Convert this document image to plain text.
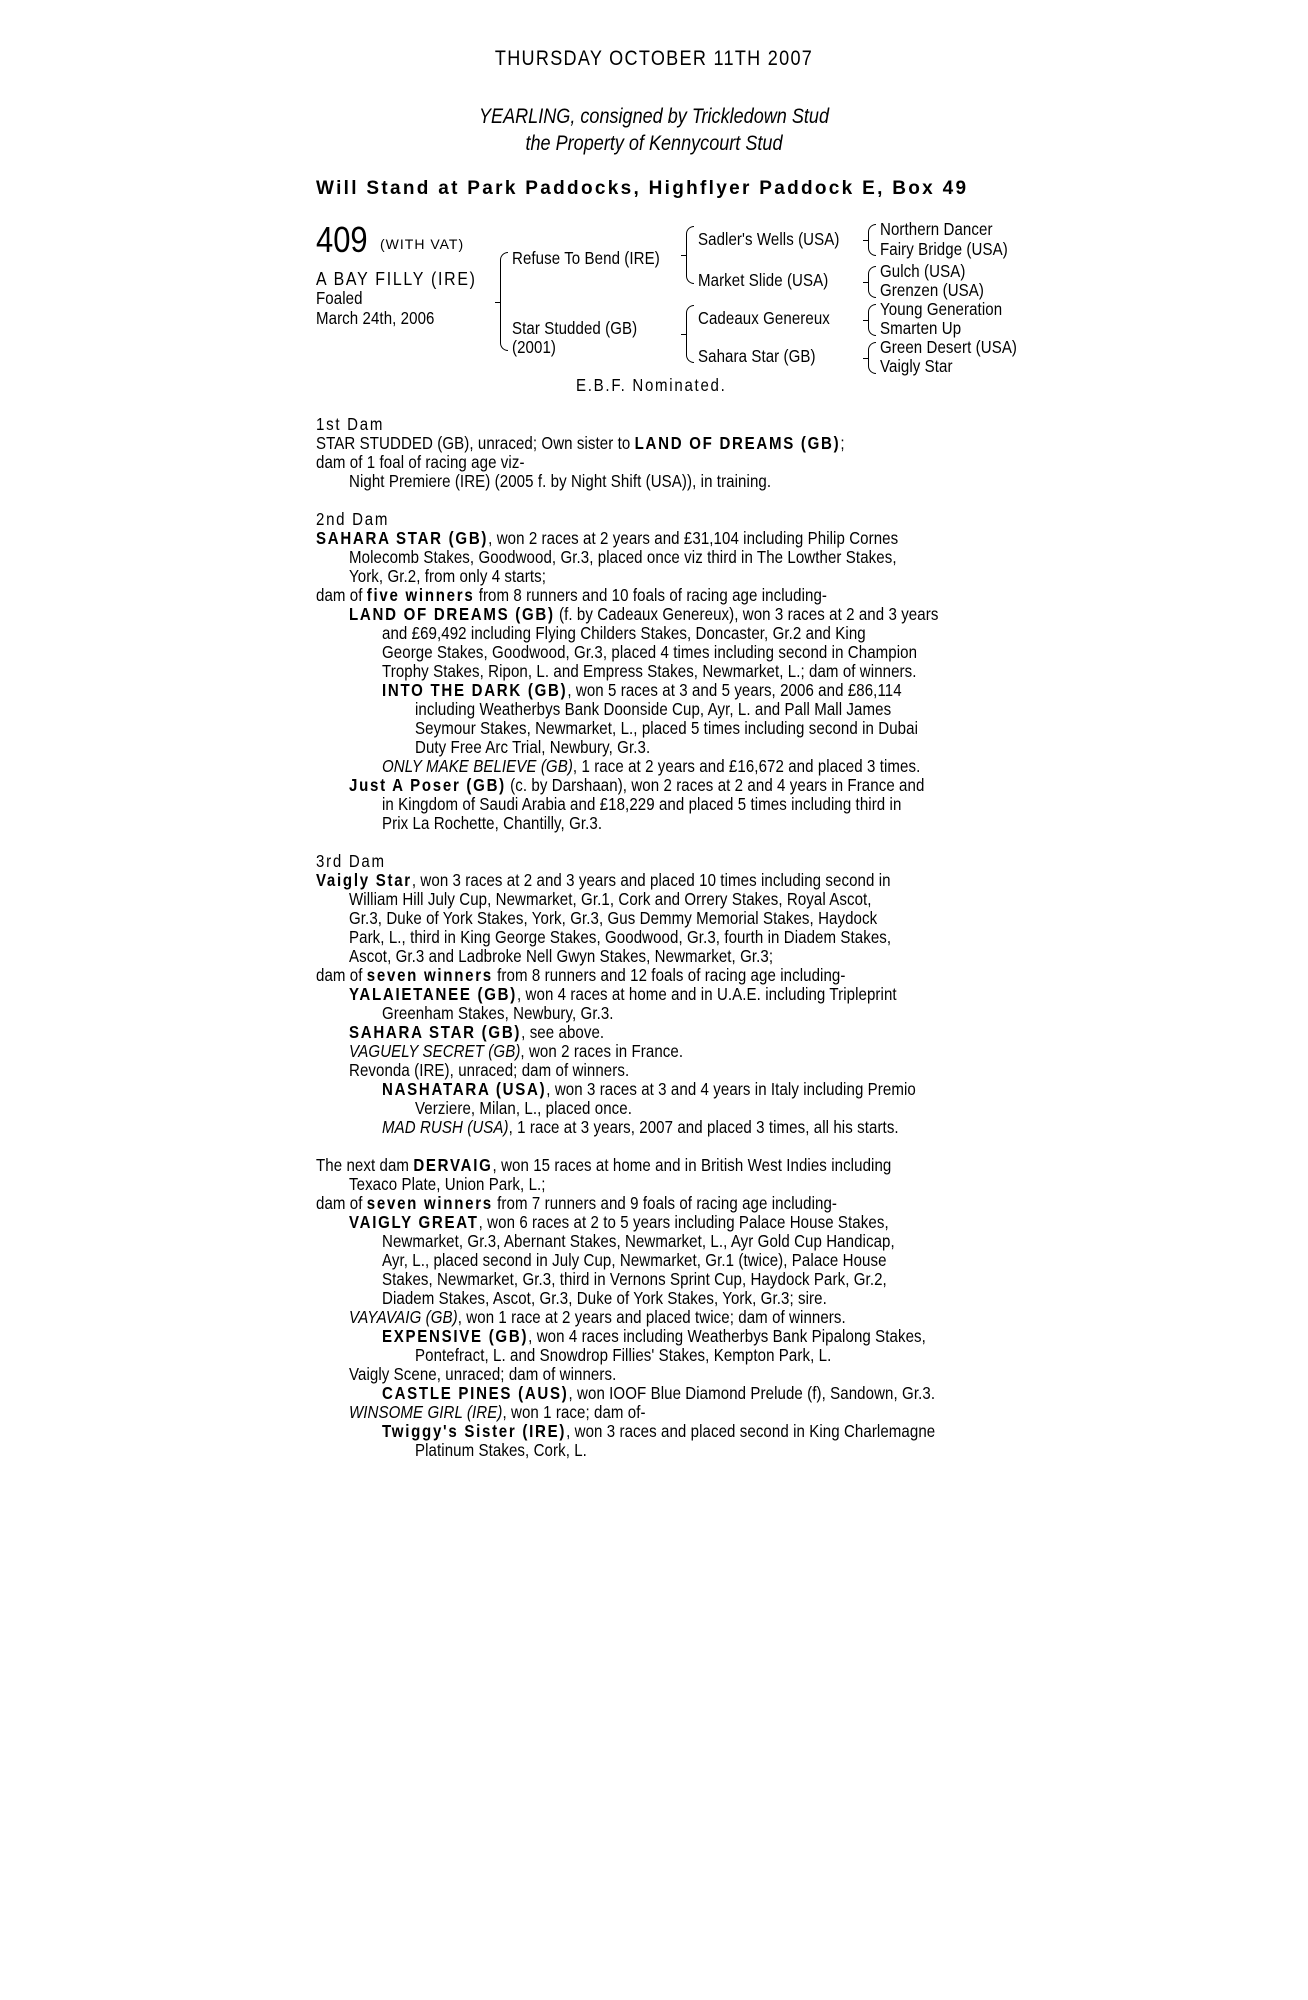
THURSDAY OCTOBER 11TH 2007
YEARLING, consigned by Trickledown Stud
the Property of Kennycourt Stud
Will Stand at Park Paddocks, Highflyer Paddock E, Box 49
409 (WITH VAT)
A BAY FILLY (IRE)
Foaled
March 24th, 2006
Refuse To Bend (IRE)
Star Studded (GB)
(2001)
Sadler's Wells (USA)
Market Slide (USA)
Cadeaux Genereux
Sahara Star (GB)
Northern Dancer
Fairy Bridge (USA)
Gulch (USA)
Grenzen (USA)
Young Generation
Smarten Up
Green Desert (USA)
Vaigly Star
E.B.F. Nominated.
1st Dam
STAR STUDDED (GB), unraced; Own sister to LAND OF DREAMS (GB);
dam of 1 foal of racing age viz-
Night Premiere (IRE) (2005 f. by Night Shift (USA)), in training.
2nd Dam
SAHARA STAR (GB), won 2 races at 2 years and £31,104 including Philip Cornes
Molecomb Stakes, Goodwood, Gr.3, placed once viz third in The Lowther Stakes,
York, Gr.2, from only 4 starts;
dam of five winners from 8 runners and 10 foals of racing age including-
LAND OF DREAMS (GB) (f. by Cadeaux Genereux), won 3 races at 2 and 3 years
and £69,492 including Flying Childers Stakes, Doncaster, Gr.2 and King
George Stakes, Goodwood, Gr.3, placed 4 times including second in Champion
Trophy Stakes, Ripon, L. and Empress Stakes, Newmarket, L.; dam of winners.
INTO THE DARK (GB), won 5 races at 3 and 5 years, 2006 and £86,114
including Weatherbys Bank Doonside Cup, Ayr, L. and Pall Mall James
Seymour Stakes, Newmarket, L., placed 5 times including second in Dubai
Duty Free Arc Trial, Newbury, Gr.3.
ONLY MAKE BELIEVE (GB), 1 race at 2 years and £16,672 and placed 3 times.
Just A Poser (GB) (c. by Darshaan), won 2 races at 2 and 4 years in France and
in Kingdom of Saudi Arabia and £18,229 and placed 5 times including third in
Prix La Rochette, Chantilly, Gr.3.
3rd Dam
Vaigly Star, won 3 races at 2 and 3 years and placed 10 times including second in
William Hill July Cup, Newmarket, Gr.1, Cork and Orrery Stakes, Royal Ascot,
Gr.3, Duke of York Stakes, York, Gr.3, Gus Demmy Memorial Stakes, Haydock
Park, L., third in King George Stakes, Goodwood, Gr.3, fourth in Diadem Stakes,
Ascot, Gr.3 and Ladbroke Nell Gwyn Stakes, Newmarket, Gr.3;
dam of seven winners from 8 runners and 12 foals of racing age including-
YALAIETANEE (GB), won 4 races at home and in U.A.E. including Tripleprint
Greenham Stakes, Newbury, Gr.3.
SAHARA STAR (GB), see above.
VAGUELY SECRET (GB), won 2 races in France.
Revonda (IRE), unraced; dam of winners.
NASHATARA (USA), won 3 races at 3 and 4 years in Italy including Premio
Verziere, Milan, L., placed once.
MAD RUSH (USA), 1 race at 3 years, 2007 and placed 3 times, all his starts.
The next dam DERVAIG, won 15 races at home and in British West Indies including
Texaco Plate, Union Park, L.;
dam of seven winners from 7 runners and 9 foals of racing age including-
VAIGLY GREAT, won 6 races at 2 to 5 years including Palace House Stakes,
Newmarket, Gr.3, Abernant Stakes, Newmarket, L., Ayr Gold Cup Handicap,
Ayr, L., placed second in July Cup, Newmarket, Gr.1 (twice), Palace House
Stakes, Newmarket, Gr.3, third in Vernons Sprint Cup, Haydock Park, Gr.2,
Diadem Stakes, Ascot, Gr.3, Duke of York Stakes, York, Gr.3; sire.
VAYAVAIG (GB), won 1 race at 2 years and placed twice; dam of winners.
EXPENSIVE (GB), won 4 races including Weatherbys Bank Pipalong Stakes,
Pontefract, L. and Snowdrop Fillies' Stakes, Kempton Park, L.
Vaigly Scene, unraced; dam of winners.
CASTLE PINES (AUS), won IOOF Blue Diamond Prelude (f), Sandown, Gr.3.
WINSOME GIRL (IRE), won 1 race; dam of-
Twiggy's Sister (IRE), won 3 races and placed second in King Charlemagne
Platinum Stakes, Cork, L.
